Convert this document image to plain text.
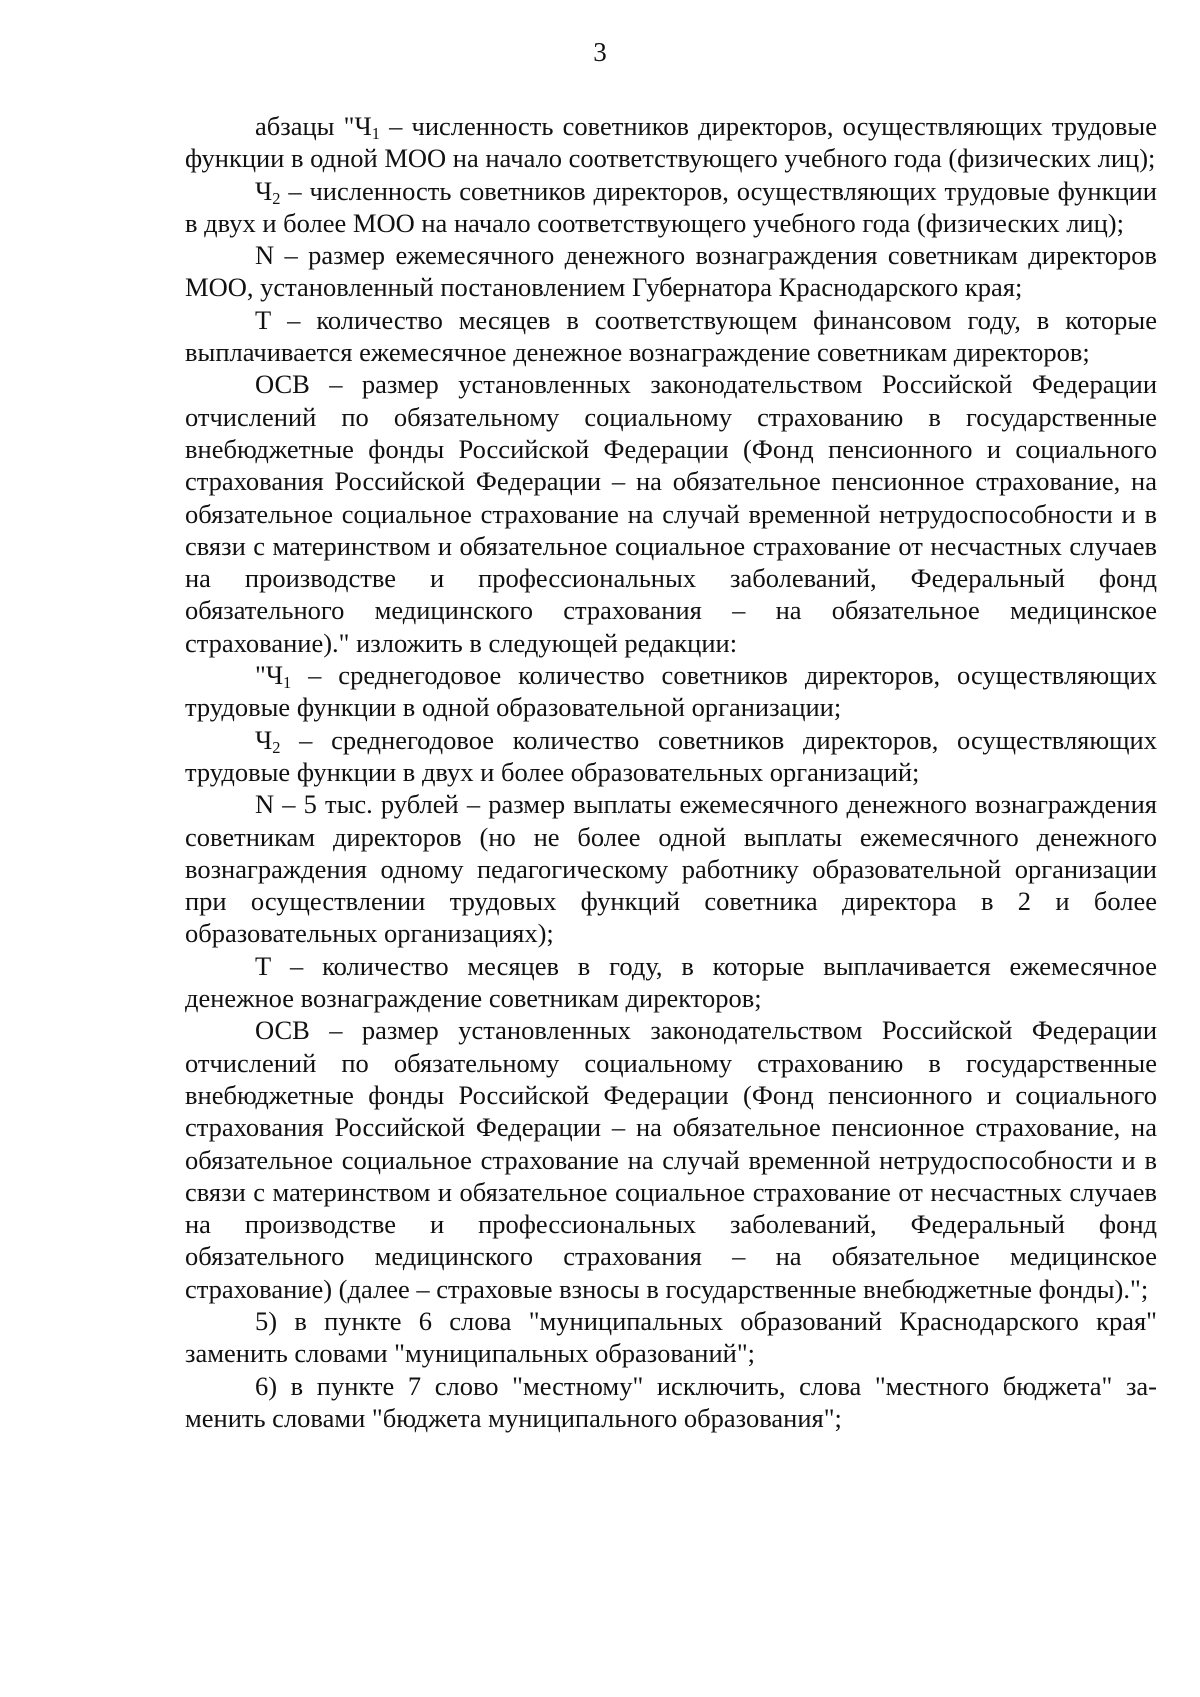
3

абзацы "$Ч_1$ – численность советников директоров, осуществляющих трудовые функции в одной МОО на начало соответствующего учебного года (физических лиц);

$Ч_2$ – численность советников директоров, осуществляющих трудовые функции в двух и более МОО на начало соответствующего учебного года (физических лиц);

N – размер ежемесячного денежного вознаграждения советникам директоров МОО, установленный постановлением Губернатора Краснодарского края;

Т – количество месяцев в соответствующем финансовом году, в которые выплачивается ежемесячное денежное вознаграждение советникам директоров;

ОСВ – размер установленных законодательством Российской Федерации отчислений по обязательному социальному страхованию в государственные внебюджетные фонды Российской Федерации (Фонд пенсионного и социального страхования Российской Федерации – на обязательное пенсионное страхование, на обязательное социальное страхование на случай временной нетрудоспособности и в связи с материнством и обязательное социальное страхование от несчастных случаев на производстве и профессиональных заболеваний, Федеральный фонд обязательного медицинского страхования – на обязательное медицинское страхование)." изложить в следующей редакции:

"$Ч_1$ – среднегодовое количество советников директоров, осуществляющих трудовые функции в одной образовательной организации;

$Ч_2$ – среднегодовое количество советников директоров, осуществляющих трудовые функции в двух и более образовательных организаций;

N – 5 тыс. рублей – размер выплаты ежемесячного денежного вознаграждения советникам директоров (но не более одной выплаты ежемесячного денежного вознаграждения одному педагогическому работнику образовательной организации при осуществлении трудовых функций советника директора в 2 и более образовательных организациях);

Т – количество месяцев в году, в которые выплачивается ежемесячное денежное вознаграждение советникам директоров;

ОСВ – размер установленных законодательством Российской Федерации отчислений по обязательному социальному страхованию в государственные внебюджетные фонды Российской Федерации (Фонд пенсионного и социального страхования Российской Федерации – на обязательное пенсионное страхование, на обязательное социальное страхование на случай временной нетрудоспособности и в связи с материнством и обязательное социальное страхование от несчастных случаев на производстве и профессиональных заболеваний, Федеральный фонд обязательного медицинского страхования – на обязательное медицинское страхование) (далее – страховые взносы в государственные внебюджетные фонды).";

5) в пункте 6 слова "муниципальных образований Краснодарского края" заменить словами "муниципальных образований";

6) в пункте 7 слово "местному" исключить, слова "местного бюджета" заменить словами "бюджета муниципального образования";
